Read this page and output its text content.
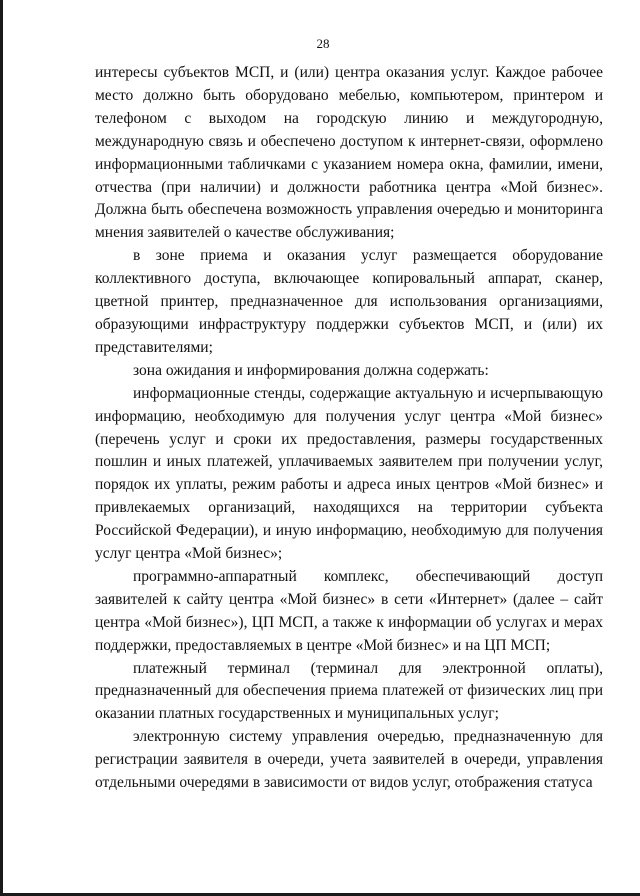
28

интересы субъектов МСП, и (или) центра оказания услуг. Каждое рабочее место должно быть оборудовано мебелью, компьютером, принтером и телефоном с выходом на городскую линию и междугородную, международную связь и обеспечено доступом к интернет-связи, оформлено информационными табличками с указанием номера окна, фамилии, имени, отчества (при наличии) и должности работника центра «Мой бизнес». Должна быть обеспечена возможность управления очередью и мониторинга мнения заявителей о качестве обслуживания;

в зоне приема и оказания услуг размещается оборудование коллективного доступа, включающее копировальный аппарат, сканер, цветной принтер, предназначенное для использования организациями, образующими инфраструктуру поддержки субъектов МСП, и (или) их представителями;

зона ожидания и информирования должна содержать:

информационные стенды, содержащие актуальную и исчерпывающую информацию, необходимую для получения услуг центра «Мой бизнес» (перечень услуг и сроки их предоставления, размеры государственных пошлин и иных платежей, уплачиваемых заявителем при получении услуг, порядок их уплаты, режим работы и адреса иных центров «Мой бизнес» и привлекаемых организаций, находящихся на территории субъекта Российской Федерации), и иную информацию, необходимую для получения услуг центра «Мой бизнес»;

программно-аппаратный комплекс, обеспечивающий доступ заявителей к сайту центра «Мой бизнес» в сети «Интернет» (далее – сайт центра «Мой бизнес»), ЦП МСП, а также к информации об услугах и мерах поддержки, предоставляемых в центре «Мой бизнес» и на ЦП МСП;

платежный терминал (терминал для электронной оплаты), предназначенный для обеспечения приема платежей от физических лиц при оказании платных государственных и муниципальных услуг;

электронную систему управления очередью, предназначенную для регистрации заявителя в очереди, учета заявителей в очереди, управления отдельными очередями в зависимости от видов услуг, отображения статуса
